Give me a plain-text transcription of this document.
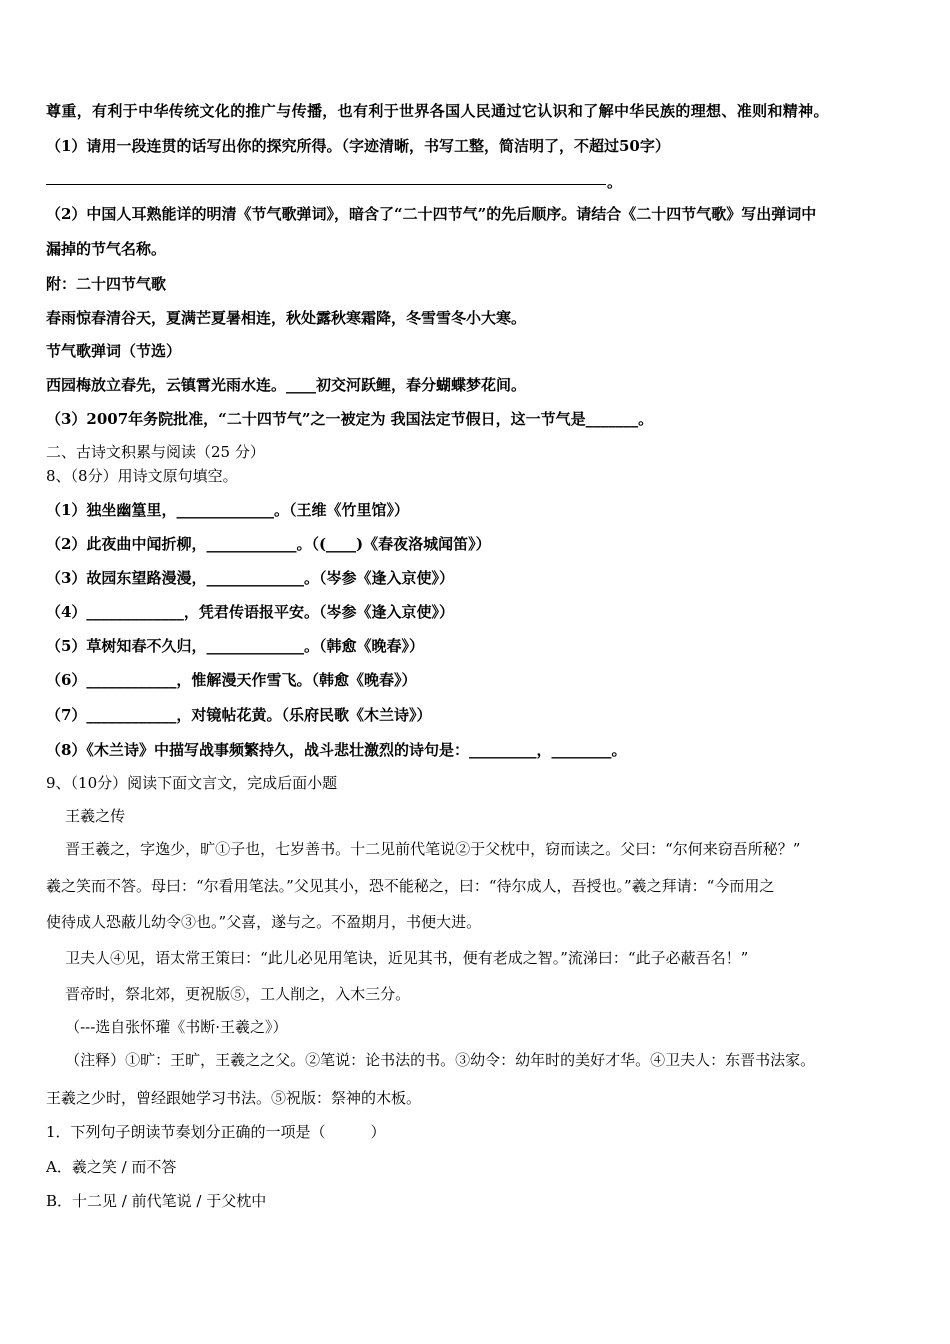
尊重，有利于中华传统文化的推广与传播，也有利于世界各国人民通过它认识和了解中华民族的理想、准则和精神。
（1）请用一段连贯的话写出你的探究所得。（字迹清晰，书写工整，简洁明了，不超过50字）
。
（2）中国人耳熟能详的明清《节气歌弹词》，暗含了“二十四节气”的先后顺序。请结合《二十四节气歌》写出弹词中
漏掉的节气名称。
附：二十四节气歌
春雨惊春清谷天，夏满芒夏暑相连，秋处露秋寒霜降，冬雪雪冬小大寒。
节气歌弹词（节选）
西园梅放立春先，云镇霄光雨水连。____初交河跃鲤，春分蝴蝶梦花间。
（3）2007年务院批准，“二十四节气”之一被定为 我国法定节假日，这一节气是_______。
二、古诗文积累与阅读（25 分）
8、（8分）用诗文原句填空。
（1）独坐幽篁里，_____________。（王维《竹里馆》）
（2）此夜曲中闻折柳，____________。（(____)《春夜洛城闻笛》）
（3）故园东望路漫漫，_____________。（岑参《逢入京使》）
（4）_____________，凭君传语报平安。（岑参《逢入京使》）
（5）草树知春不久归，_____________。（韩愈《晚春》）
（6）____________，惟解漫天作雪飞。（韩愈《晚春》）
（7）____________，对镜帖花黄。（乐府民歌《木兰诗》）
（8）《木兰诗》中描写战事频繁持久，战斗悲壮激烈的诗句是：_________，________。
9、（10分）阅读下面文言文，完成后面小题
王羲之传
晋王羲之，字逸少，旷①子也，七岁善书。十二见前代笔说②于父枕中，窃而读之。父曰：“尔何来窃吾所秘？”
羲之笑而不答。母曰：“尔看用笔法。”父见其小，恐不能秘之，曰：“待尔成人，吾授也。”羲之拜请：“今而用之
使待成人恐蔽儿幼令③也。”父喜，遂与之。不盈期月，书便大进。
卫夫人④见，语太常王策曰：“此儿必见用笔诀，近见其书，便有老成之智。”流涕曰：“此子必蔽吾名！”
晋帝时，祭北郊，更祝版⑤，工人削之，入木三分。
（---选自张怀瓘《书断·王羲之》）
（注释）①旷：王旷，王羲之之父。②笔说：论书法的书。③幼令：幼年时的美好才华。④卫夫人：东晋书法家。
王羲之少时，曾经跟她学习书法。⑤祝版：祭神的木板。
1．下列句子朗读节奏划分正确的一项是（　　　）
A．羲之笑 / 而不答
B．十二见 / 前代笔说 / 于父枕中
